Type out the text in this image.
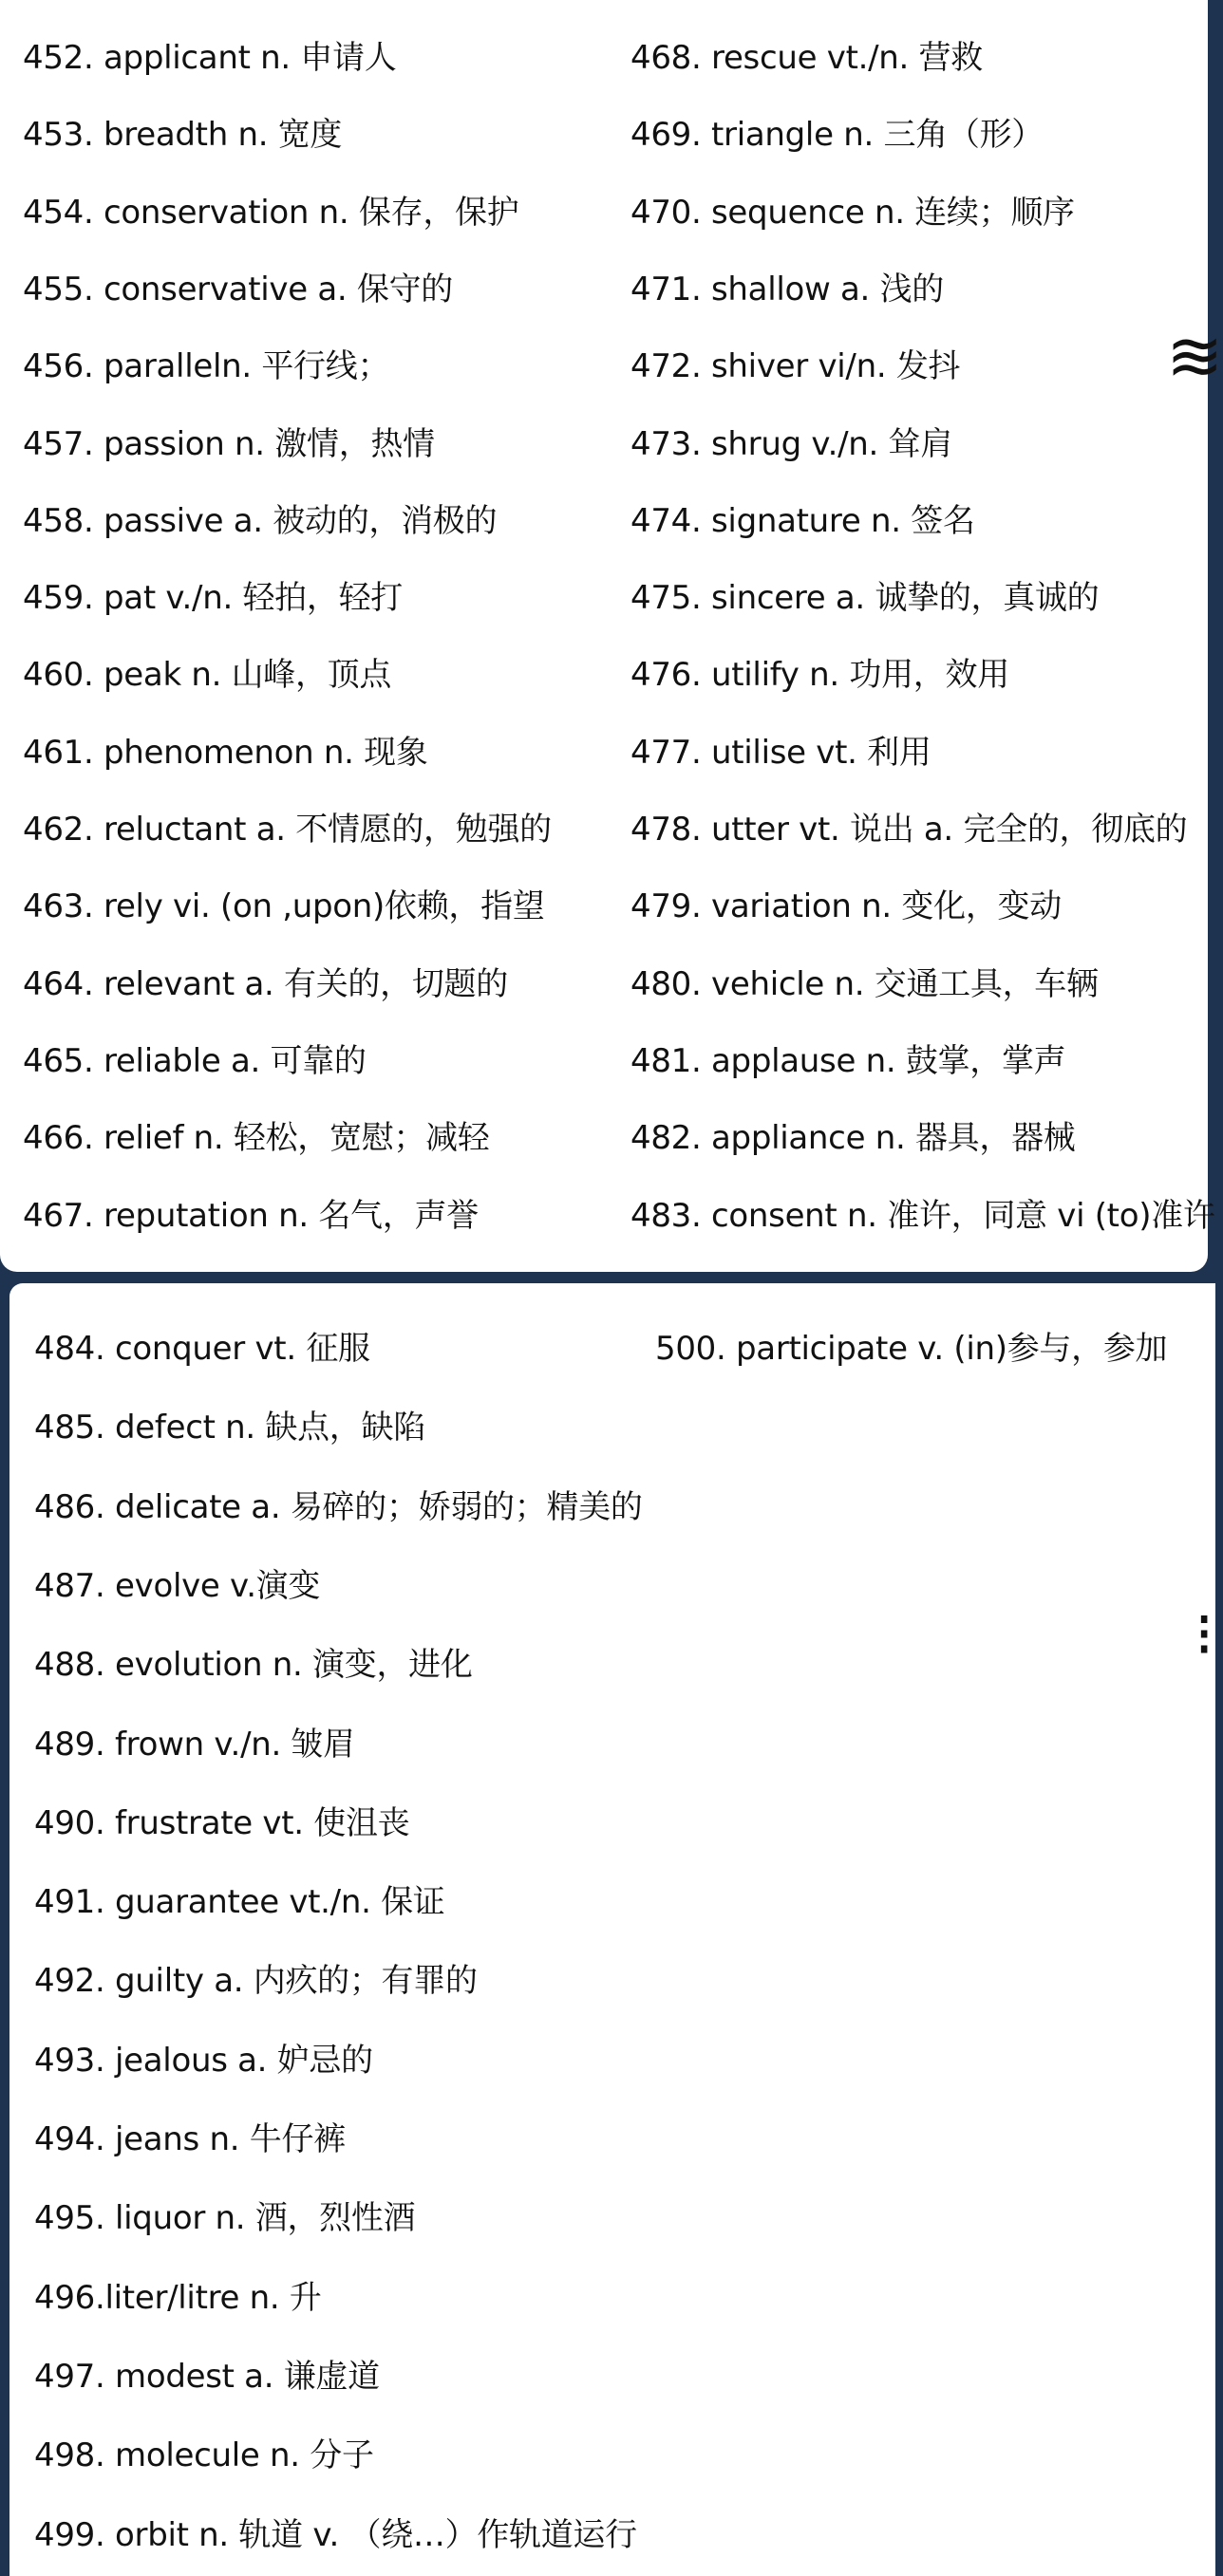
452. applicant n. 申请人
453. breadth n. 宽度
454. conservation n. 保存，保护
455. conservative a. 保守的
456. paralleln. 平行线；
457. passion n. 激情，热情
458. passive a. 被动的，消极的
459. pat v./n. 轻拍，轻打
460. peak n. 山峰，顶点
461. phenomenon n. 现象
462. reluctant a. 不情愿的，勉强的
463. rely vi. (on ,upon)依赖，指望
464. relevant a. 有关的，切题的
465. reliable a. 可靠的
466. relief n. 轻松，宽慰；减轻
467. reputation n. 名气，声誉
468. rescue vt./n. 营救
469. triangle n. 三角（形）
470. sequence n. 连续；顺序
471. shallow a. 浅的
472. shiver vi/n. 发抖
473. shrug v./n. 耸肩
474. signature n. 签名
475. sincere a. 诚挚的，真诚的
476. utilify n. 功用，效用
477. utilise vt. 利用
478. utter vt. 说出 a. 完全的，彻底的
479. variation n. 变化，变动
480. vehicle n. 交通工具，车辆
481. applause n. 鼓掌，掌声
482. appliance n. 器具，器械
483. consent n. 准许，同意 vi (to)准许
≋
484. conquer vt. 征服
485. defect n. 缺点，缺陷
486. delicate a. 易碎的；娇弱的；精美的
487. evolve v.演变
488. evolution n. 演变，进化
489. frown v./n. 皱眉
490. frustrate vt. 使沮丧
491. guarantee vt./n. 保证
492. guilty a. 内疚的；有罪的
493. jealous a. 妒忌的
494. jeans n. 牛仔裤
495. liquor n. 酒，烈性酒
496.liter/litre n. 升
497. modest a. 谦虚道
498. molecule n. 分子
499. orbit n. 轨道 v. （绕…）作轨道运行
500. participate v. (in)参与，参加
⁝
